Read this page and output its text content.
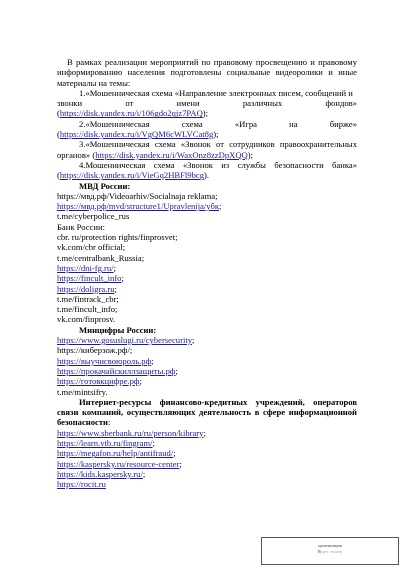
В рамках реализации мероприятий по правовому просвещению и правовому информированию населения подготовлены социальные видеоролики и иные материалы на темы:
1.«Мошенническая схема «Направление электронных писем, сообщений и
звонки	от	имени	различных	фондов»
(https://disk.yandex.ru/i/106gdo2qjz7PAQ);
2.«Мошенническая	схема	«Игра	на	бирже»
(https://disk.yandex.ru/i/VgQM6cWLVCat8g);
3.«Мошенническая схема «Звонок от сотрудников правоохранительных органов» (https://disk.yandex.ru/i/WaxOnz8zzDpXQQ);
4.Мошенническая схема «Звонок из службы безопасности банка» (https://disk.yandex.ru/i/VieGq2HBFl9bcg).
МВД России:
https://мвд.рф/Videoarhiv/Socialnaja reklama;
https://мвд.рф/mvd/structure1/Upravlenija/убк;
t.me/cyberpolice_rus
Банк России:
cbr. ru/protection rights/finprosvet;
vk.com/cbr official;
t.me/centralbank_Russia;
https://dni-fg.ru/;
https://fincult_info;
https://doligra.ru;
t.me/fintrack_cbr;
t.me/fincult_info;
vk.com/finprosv.
Минцифры России:
https://www.gosuslugi.ru/cybersecurity;
https://киберзож.рф/;
https://выучисвоюроль.рф;
https://прокачайскиллзащиты.рф;
https://готовкцифре.рф;
t.me/mintsifry.
Интернет-ресурсы финансово-кредитных учреждений, операторов связи компаний, осуществляющих деятельность в сфере информационной безопасности:
https://www.sberbank.ru/ru/person/kibrary;
https://learn.vtb.ru/fingram/;
https://megafon.ru/help/antifraud/;
https://kaspersky.ru/resource-center;
https://kids.kaspersky.ru/;
https://rocit.ru
организация
№ рег. номер
